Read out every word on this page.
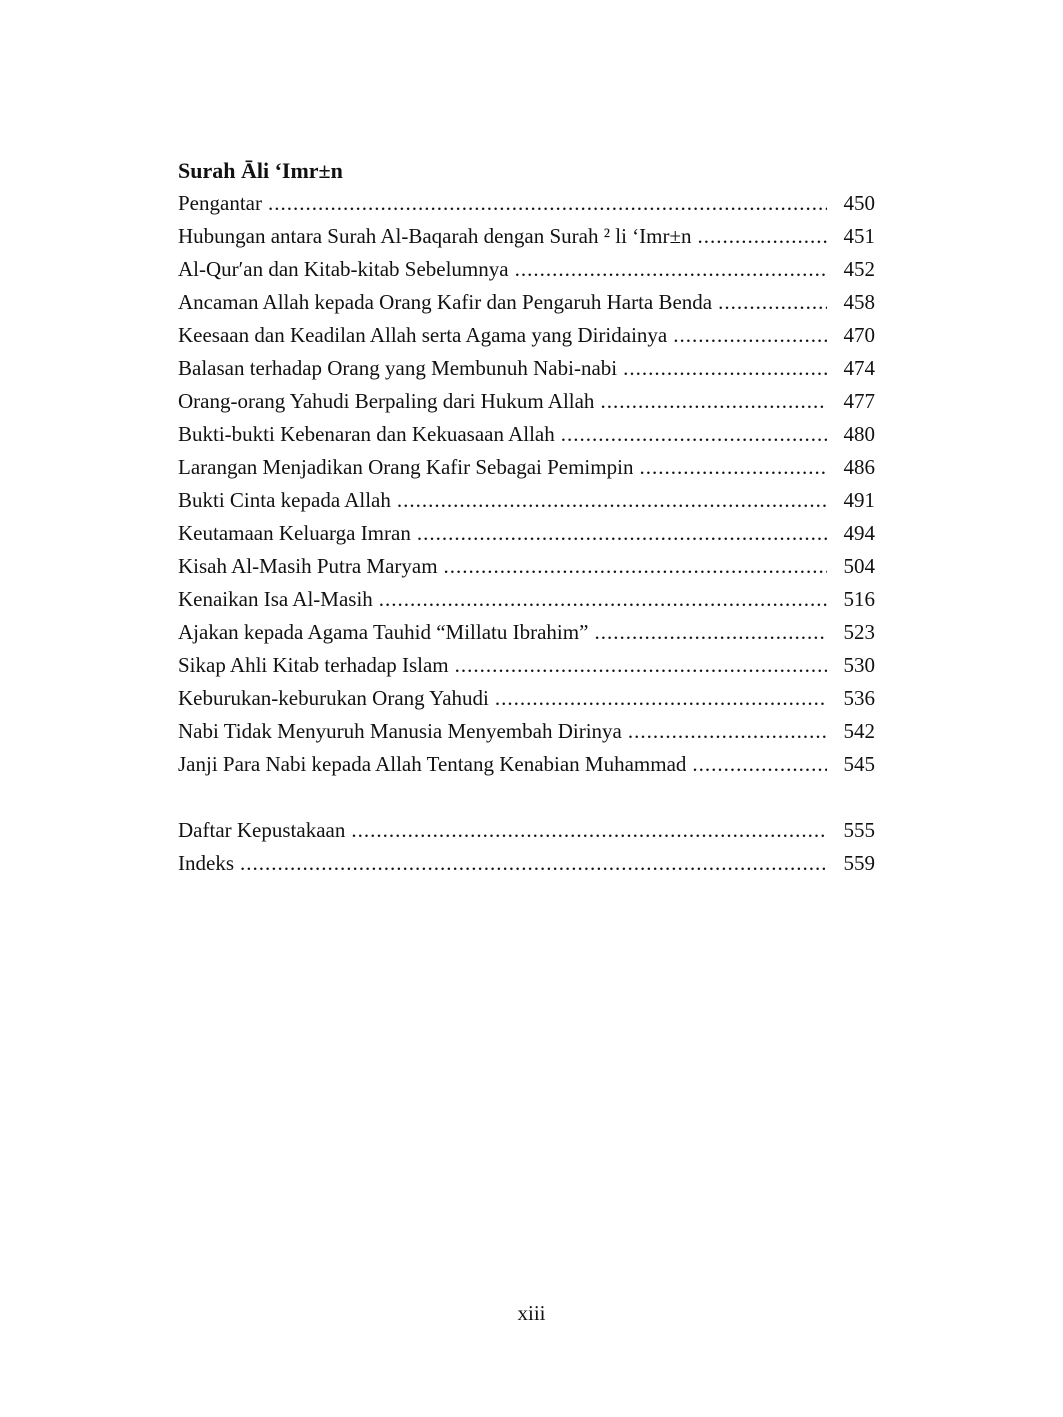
Surah Āli ‘Imr±n
Pengantar .....	450
Hubungan antara Surah Al-Baqarah dengan Surah ² li ‘Imr±n .....	451
Al-Qur′an dan Kitab-kitab Sebelumnya .....	452
Ancaman Allah kepada Orang Kafir dan Pengaruh Harta Benda .....	458
Keesaan dan Keadilan Allah serta Agama yang Diridainya .....	470
Balasan terhadap Orang yang Membunuh Nabi-nabi .....	474
Orang-orang Yahudi Berpaling dari Hukum Allah .....	477
Bukti-bukti Kebenaran dan Kekuasaan Allah .....	480
Larangan Menjadikan Orang Kafir Sebagai Pemimpin .....	486
Bukti Cinta kepada Allah .....	491
Keutamaan Keluarga Imran .....	494
Kisah Al-Masih Putra Maryam .....	504
Kenaikan Isa Al-Masih .....	516
Ajakan kepada Agama Tauhid “Millatu Ibrahim” .....	523
Sikap Ahli Kitab terhadap Islam .....	530
Keburukan-keburukan Orang Yahudi .....	536
Nabi Tidak Menyuruh Manusia Menyembah Dirinya .....	542
Janji Para Nabi kepada Allah Tentang Kenabian Muhammad .....	545
Daftar Kepustakaan .....	555
Indeks .....	559
xiii
